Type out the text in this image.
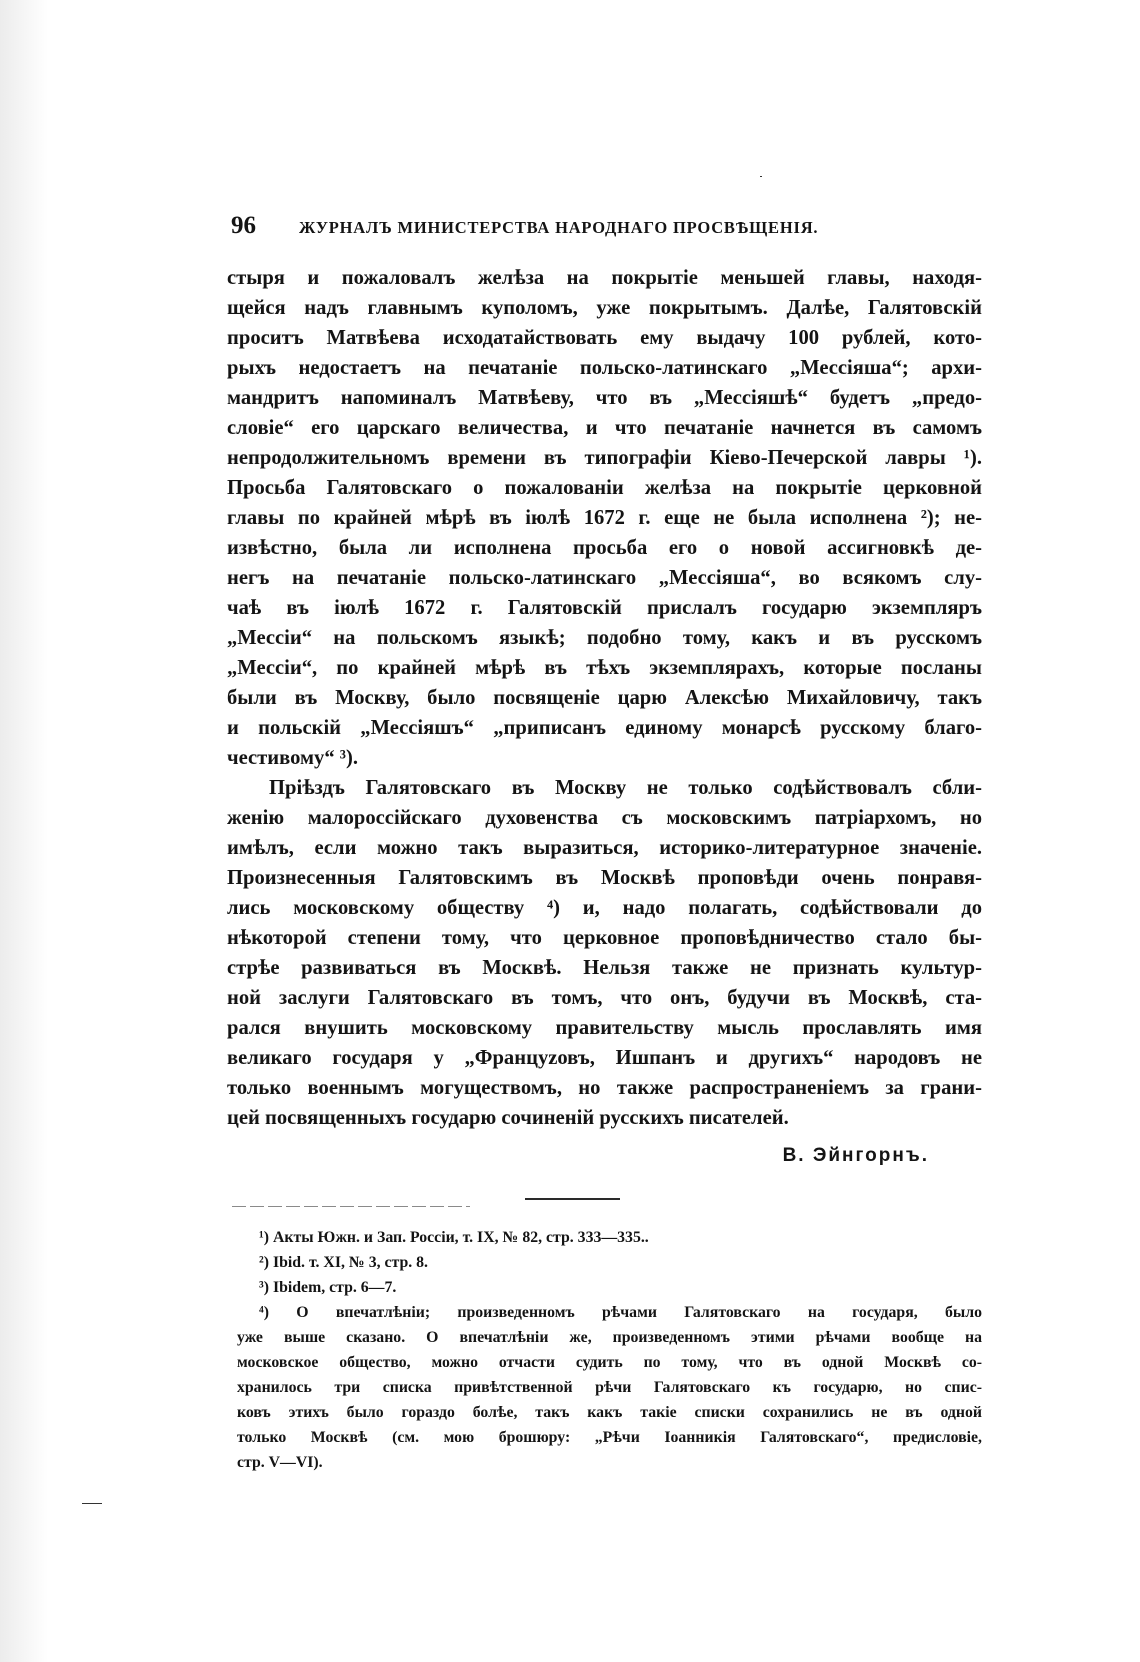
96	ЖУРНАЛЪ МИНИСТЕРСТВА НАРОДНАГО ПРОСВѢЩЕНІЯ.
стыря и пожаловалъ желѣза на покрытіе меньшей главы, находя-
щейся надъ главнымъ куполомъ, уже покрытымъ. Далѣе, Галятовскій
проситъ Матвѣева исходатайствовать ему выдачу 100 рублей, кото-
рыхъ недостаетъ на печатаніе польско-латинскаго „Мессіяша“; архи-
мандритъ напоминалъ Матвѣеву, что въ „Мессіяшѣ“ будетъ „предо-
словіе“ его царскаго величества, и что печатаніе начнется въ самомъ
непродолжительномъ времени въ типографіи Кіево-Печерской лавры ¹).
Просьба Галятовскаго о пожалованіи желѣза на покрытіе церковной
главы по крайней мѣрѣ въ іюлѣ 1672 г. еще не была исполнена ²); не-
извѣстно, была ли исполнена просьба его о новой ассигновкѣ де-
негъ на печатаніе польско-латинскаго „Мессіяша“, во всякомъ слу-
чаѣ въ іюлѣ 1672 г. Галятовскій прислалъ государю экземпляръ
„Мессіи“ на польскомъ языкѣ; подобно тому, какъ и въ русскомъ
„Мессіи“, по крайней мѣрѣ въ тѣхъ экземплярахъ, которые посланы
были въ Москву, было посвященіе царю Алексѣю Михайловичу, такъ
и польскій „Мессіяшъ“ „приписанъ единому монарсѣ русскому благо-
честивому“ ³).
Пріѣздъ Галятовскаго въ Москву не только содѣйствовалъ сбли-
женію малороссійскаго духовенства съ московскимъ патріархомъ, но
имѣлъ, если можно такъ выразиться, историко-литературное значеніе.
Произнесенныя Галятовскимъ въ Москвѣ проповѣди очень понравя-
лись московскому обществу ⁴) и, надо полагать, содѣйствовали до
нѣкоторой степени тому, что церковное проповѣдничество стало бы-
стрѣе развиваться въ Москвѣ. Нельзя также не признать культур-
ной заслуги Галятовскаго въ томъ, что онъ, будучи въ Москвѣ, ста-
рался внушить московскому правительству мысль прославлять имя
великаго государя у „Француzовъ, Ишпанъ и другихъ“ народовъ не
только военнымъ могуществомъ, но также распространеніемъ за грани-
цей посвященныхъ государю сочиненій русскихъ писателей.
В. Эйнгорнъ.
¹) Акты Южн. и Зап. Россіи, т. IX, № 82, стр. 333—335..
²) Ibid. т. XI, № 3, стр. 8.
³) Ibidem, стр. 6—7.
⁴) О впечатлѣніи; произведенномъ рѣчами Галятовскаго на государя, было
уже выше сказано. О впечатлѣніи же, произведенномъ этими рѣчами вообще на
московское общество, можно отчасти судить по тому, что въ одной Москвѣ со-
хранилось три списка привѣтственной рѣчи Галятовскаго къ государю, но спис-
ковъ этихъ было гораздо болѣе, такъ какъ такіе списки сохранились не въ одной
только Москвѣ (см. мою брошюру: „Рѣчи Іоанникія Галятовскаго“, предисловіе,
стр. V—VI).
